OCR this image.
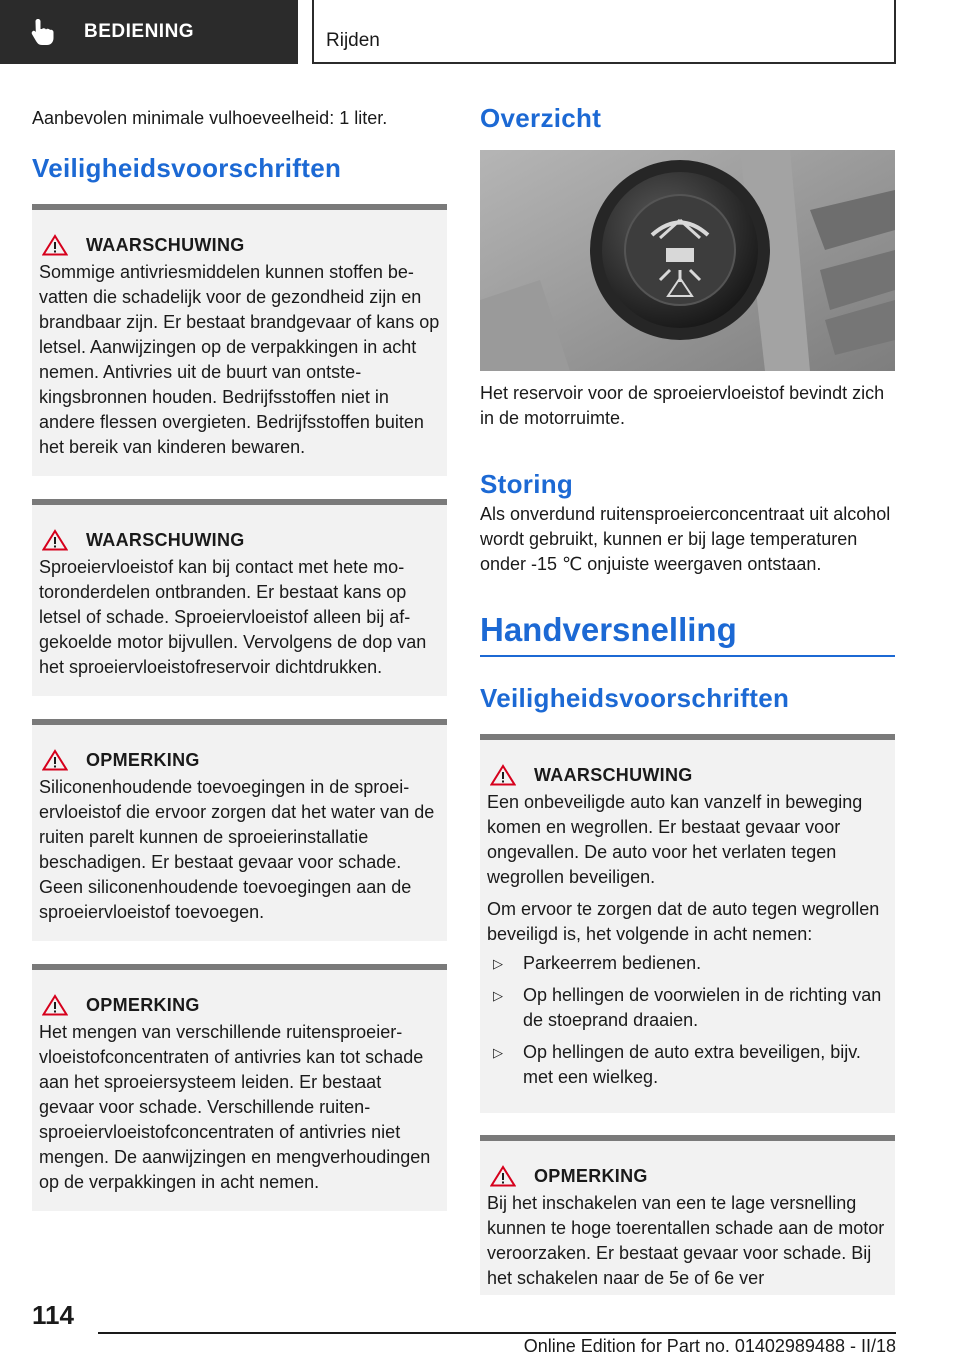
BEDIENING	Rijden

Aanbevolen minimale vulhoeveelheid: 1 liter.

Veiligheidsvoorschriften
WAARSCHUWING

Sommige antivriesmiddelen kunnen stoffen bevatten die schadelijk voor de gezondheid zijn en brandbaar zijn. Er bestaat brandgevaar of kans op letsel. Aanwijzingen op de verpakkingen in acht nemen. Antivries uit de buurt van ontstekingsbronnen houden. Bedrijfsstoffen niet in andere flessen overgieten. Bedrijfsstoffen buiten het bereik van kinderen bewaren.

WAARSCHUWING

Sproeiervloeistof kan bij contact met hete motoronderdelen ontbranden. Er bestaat kans op letsel of schade. Sproeiervloeistof alleen bij afgekoelde motor bijvullen. Vervolgens de dop van het sproeiervloeistofreservoir dichtdrukken.

OPMERKING

Siliconenhoudende toevoegingen in de sproeiervloeistof die ervoor zorgen dat het water van de ruiten parelt kunnen de sproeierinstallatie beschadigen. Er bestaat gevaar voor schade. Geen siliconenhoudende toevoegingen aan de sproeiervloeistof toevoegen.

OPMERKING

Het mengen van verschillende ruitensproeiervloeistofconcentraten of antivries kan tot schade aan het sproeiersysteem leiden. Er bestaat gevaar voor schade. Verschillende ruitensproeiervloeistofconcentraten of antivries niet mengen. De aanwijzingen en mengverhoudingen op de verpakkingen in acht nemen.

Overzicht

Het reservoir voor de sproeiervloeistof bevindt zich in de motorruimte.

Storing

Als onverdund ruitensproeierconcentraat uit alcohol wordt gebruikt, kunnen er bij lage temperaturen onder -15 ℃ onjuiste weergaven ontstaan.

Handversnelling
Veiligheidsvoorschriften
WAARSCHUWING

Een onbeveiligde auto kan vanzelf in beweging komen en wegrollen. Er bestaat gevaar voor ongevallen. De auto voor het verlaten tegen wegrollen beveiligen.

Om ervoor te zorgen dat de auto tegen wegrollen beveiligd is, het volgende in acht nemen:

▷	Parkeerrem bedienen.
▷	Op hellingen de voorwielen in de richting van de stoeprand draaien.
▷	Op hellingen de auto extra beveiligen, bijv. met een wielkeg.
OPMERKING

Bij het inschakelen van een te lage versnelling kunnen te hoge toerentallen schade aan de motor veroorzaken. Er bestaat gevaar voor schade. Bij het schakelen naar de 5e of 6e ver

114
Online Edition for Part no. 01402989488 - II/18
